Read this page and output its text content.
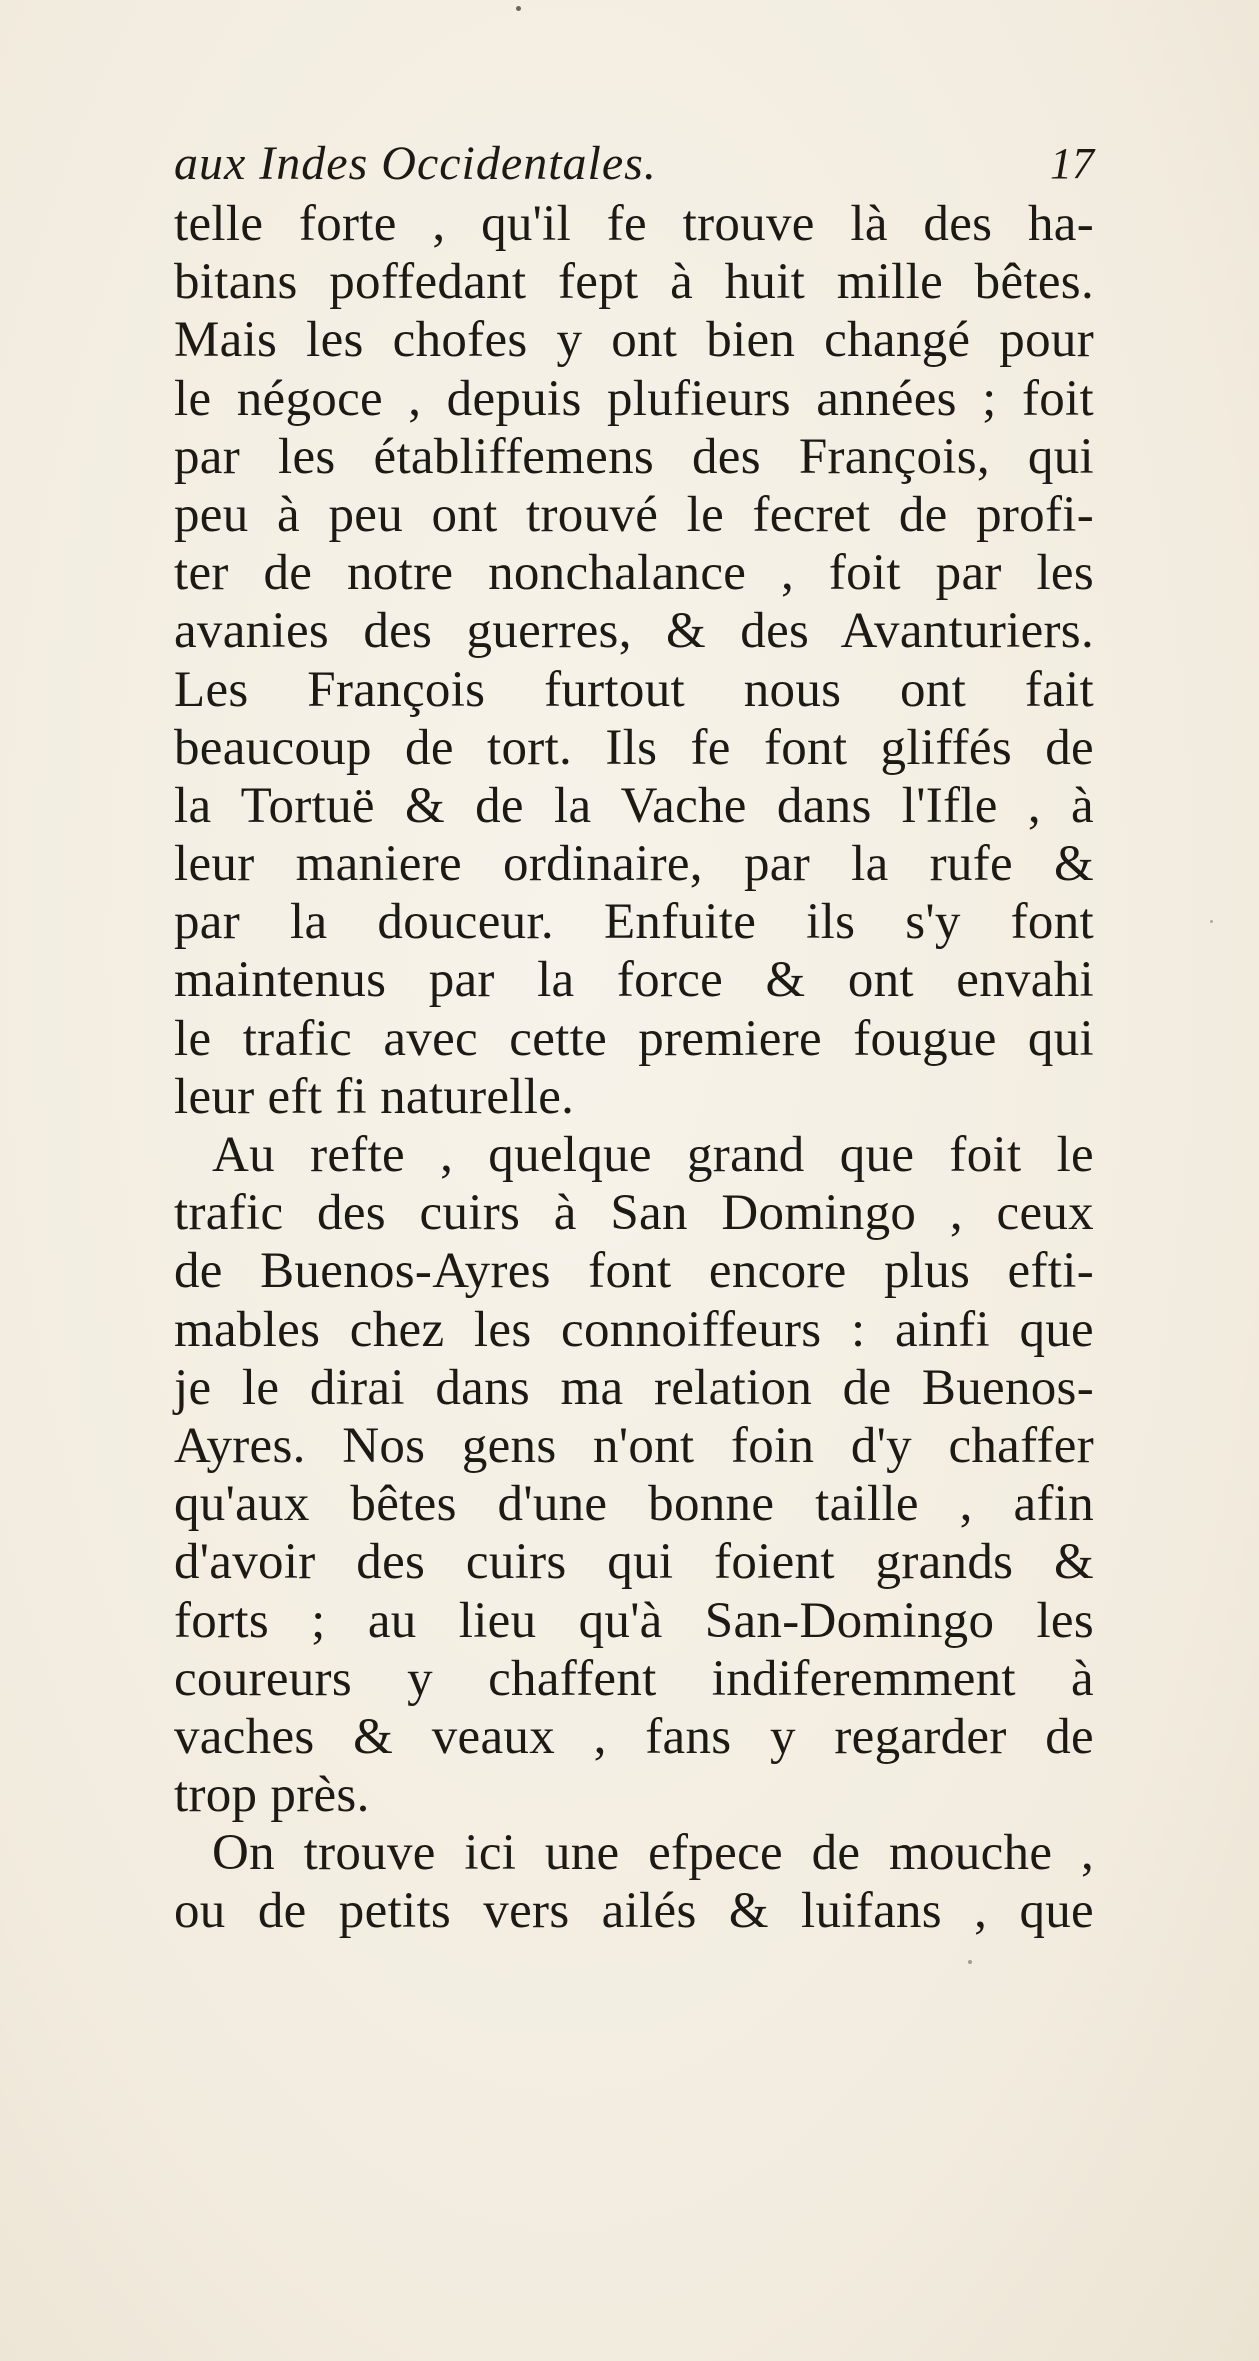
aux Indes Occidentales.	17
telle forte , qu'il fe trouve là des ha-
bitans poffedant fept à huit mille bêtes.
Mais les chofes y ont bien changé pour
le négoce , depuis plufieurs années ; foit
par les établiffemens des François, qui
peu à peu ont trouvé le fecret de profi-
ter de notre nonchalance , foit par les
avanies des guerres, & des Avanturiers.
Les François furtout nous ont fait
beaucoup de tort. Ils fe font gliffés de
la Tortuë & de la Vache dans l'Ifle , à
leur maniere ordinaire, par la rufe &
par la douceur. Enfuite ils s'y font
maintenus par la force & ont envahi
le trafic avec cette premiere fougue qui
leur eft fi naturelle.
Au refte , quelque grand que foit le
trafic des cuirs à San Domingo , ceux
de Buenos-Ayres font encore plus efti-
mables chez les connoiffeurs : ainfi que
je le dirai dans ma relation de Buenos-
Ayres. Nos gens n'ont foin d'y chaffer
qu'aux bêtes d'une bonne taille , afin
d'avoir des cuirs qui foient grands &
forts ; au lieu qu'à San-Domingo les
coureurs y chaffent indiferemment à
vaches & veaux , fans y regarder de
trop près.
On trouve ici une efpece de mouche ,
ou de petits vers ailés & luifans , que
